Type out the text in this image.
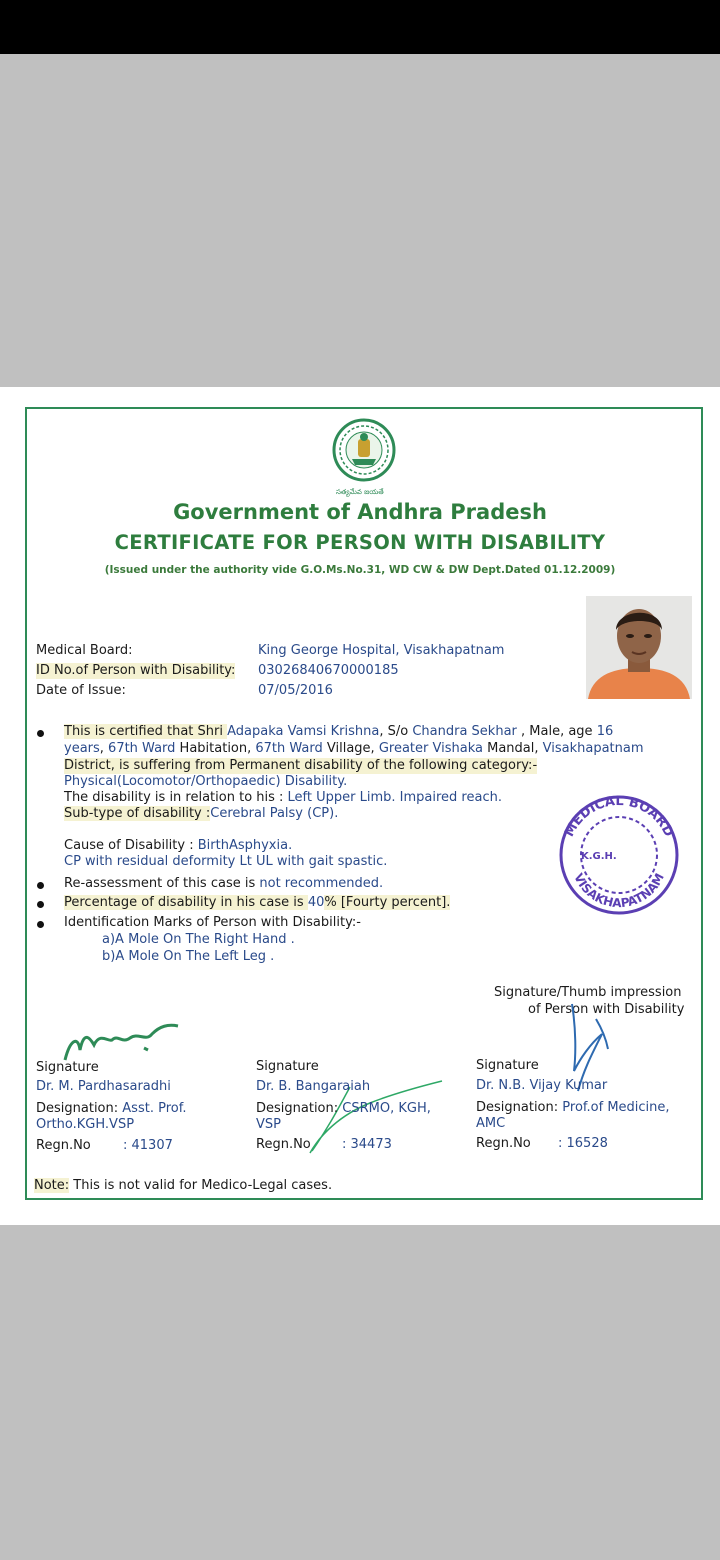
సత్యమేవ జయతే
Government of Andhra Pradesh
CERTIFICATE FOR PERSON WITH DISABILITY
(Issued under the authority vide G.O.Ms.No.31, WD CW & DW Dept.Dated 01.12.2009)
Medical Board:	King George Hospital, Visakhapatnam
ID No.of Person with Disability: 03026840670000185
Date of Issue:	07/05/2016
This is certified that Shri Adapaka Vamsi Krishna, S/o Chandra Sekhar , Male, age 16
years, 67th Ward Habitation, 67th Ward Village, Greater Vishaka Mandal, Visakhapatnam
District, is suffering from Permanent disability of the following category:-
Physical(Locomotor/Orthopaedic) Disability.
The disability is in relation to his : Left Upper Limb. Impaired reach.
Sub-type of disability :Cerebral Palsy (CP).
Cause of Disability : BirthAsphyxia.
CP with residual deformity Lt UL with gait spastic.
Re-assessment of this case is not recommended.
Percentage of disability in his case is 40% [Fourty percent].
Identification Marks of Person with Disability:-
a)A Mole On The Right Hand .
b)A Mole On The Left Leg .
MEDICAL BOARD
VISAKHAPATNAM
K.G.H.
Signature/Thumb impression
of Person with Disability
Signature
Dr. M. Pardhasaradhi
Designation: Asst. Prof.
Ortho.KGH.VSP
Regn.No : 41307
Signature
Dr. B. Bangaraiah
Designation: CSRMO, KGH,
VSP
Regn.No : 34473
Signature
Dr. N.B. Vijay Kumar
Designation: Prof.of Medicine,
AMC
Regn.No : 16528
Note: This is not valid for Medico-Legal cases.
